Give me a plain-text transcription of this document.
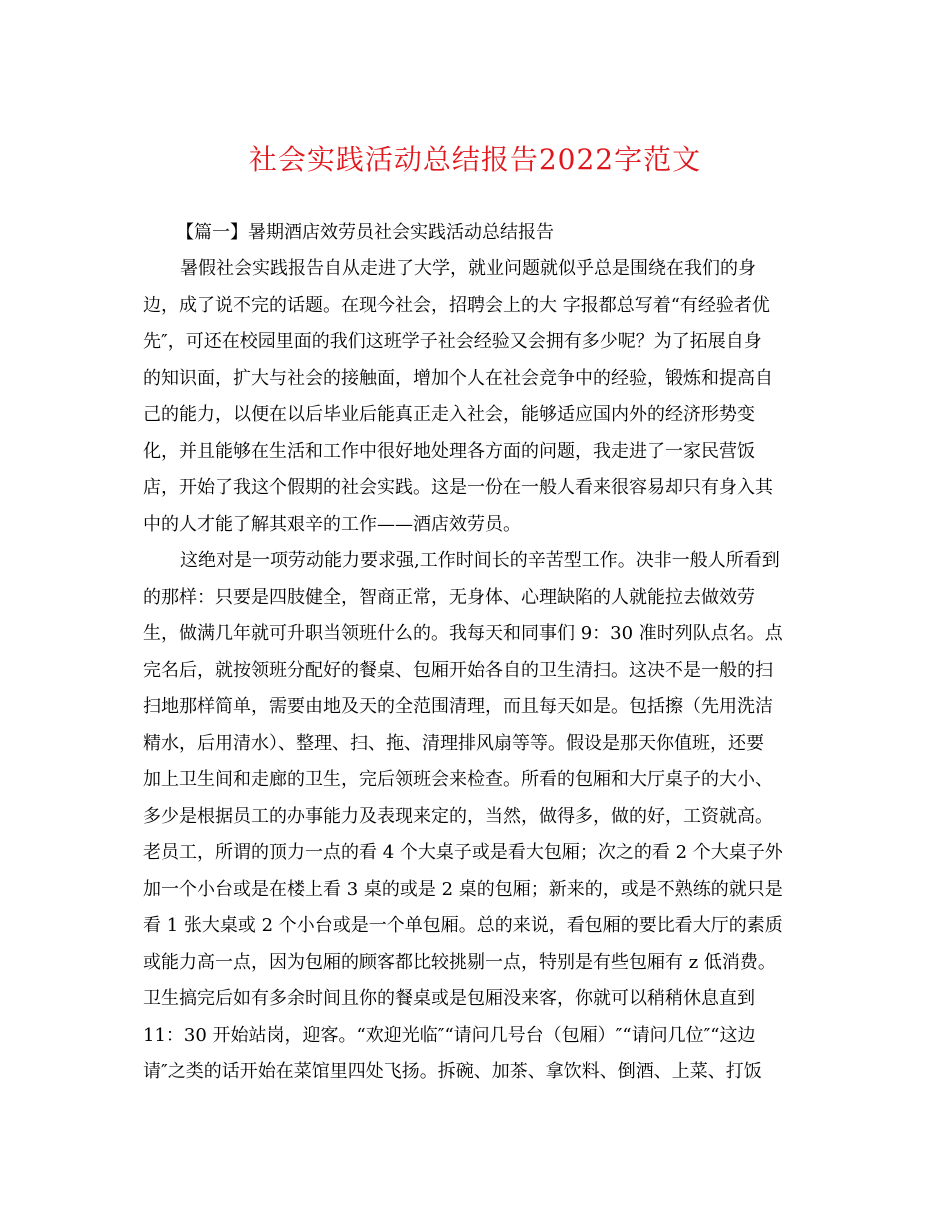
社会实践活动总结报告2022字范文
【篇一】暑期酒店效劳员社会实践活动总结报告
暑假社会实践报告自从走进了大学，就业问题就似乎总是围绕在我们的身
边，成了说不完的话题。在现今社会，招聘会上的大 字报都总写着“有经验者优
先″，可还在校园里面的我们这班学子社会经验又会拥有多少呢？为了拓展自身
的知识面，扩大与社会的接触面，增加个人在社会竞争中的经验，锻炼和提高自
己的能力，以便在以后毕业后能真正走入社会，能够适应国内外的经济形势变
化，并且能够在生活和工作中很好地处理各方面的问题，我走进了一家民营饭
店，开始了我这个假期的社会实践。这是一份在一般人看来很容易却只有身入其
中的人才能了解其艰辛的工作——酒店效劳员。
这绝对是一项劳动能力要求强,工作时间长的辛苦型工作。决非一般人所看到
的那样：只要是四肢健全，智商正常，无身体、心理缺陷的人就能拉去做效劳
生，做满几年就可升职当领班什么的。我每天和同事们 9：30 准时列队点名。点
完名后，就按领班分配好的餐桌、包厢开始各自的卫生清扫。这决不是一般的扫
扫地那样简单，需要由地及天的全范围清理，而且每天如是。包括擦（先用洗洁
精水，后用清水）、整理、扫、拖、清理排风扇等等。假设是那天你值班，还要
加上卫生间和走廊的卫生，完后领班会来检查。所看的包厢和大厅桌子的大小、
多少是根据员工的办事能力及表现来定的，当然，做得多，做的好，工资就高。
老员工，所谓的顶力一点的看 4 个大桌子或是看大包厢；次之的看 2 个大桌子外
加一个小台或是在楼上看 3 桌的或是 2 桌的包厢；新来的，或是不熟练的就只是
看 1 张大桌或 2 个小台或是一个单包厢。总的来说，看包厢的要比看大厅的素质
或能力高一点，因为包厢的顾客都比较挑剔一点，特别是有些包厢有 z 低消费。
卫生搞完后如有多余时间且你的餐桌或是包厢没来客，你就可以稍稍休息直到
11：30 开始站岗，迎客。“欢迎光临″“请问几号台（包厢）″“请问几位″“这边
请″之类的话开始在菜馆里四处飞扬。拆碗、加茶、拿饮料、倒酒、上菜、打饭
